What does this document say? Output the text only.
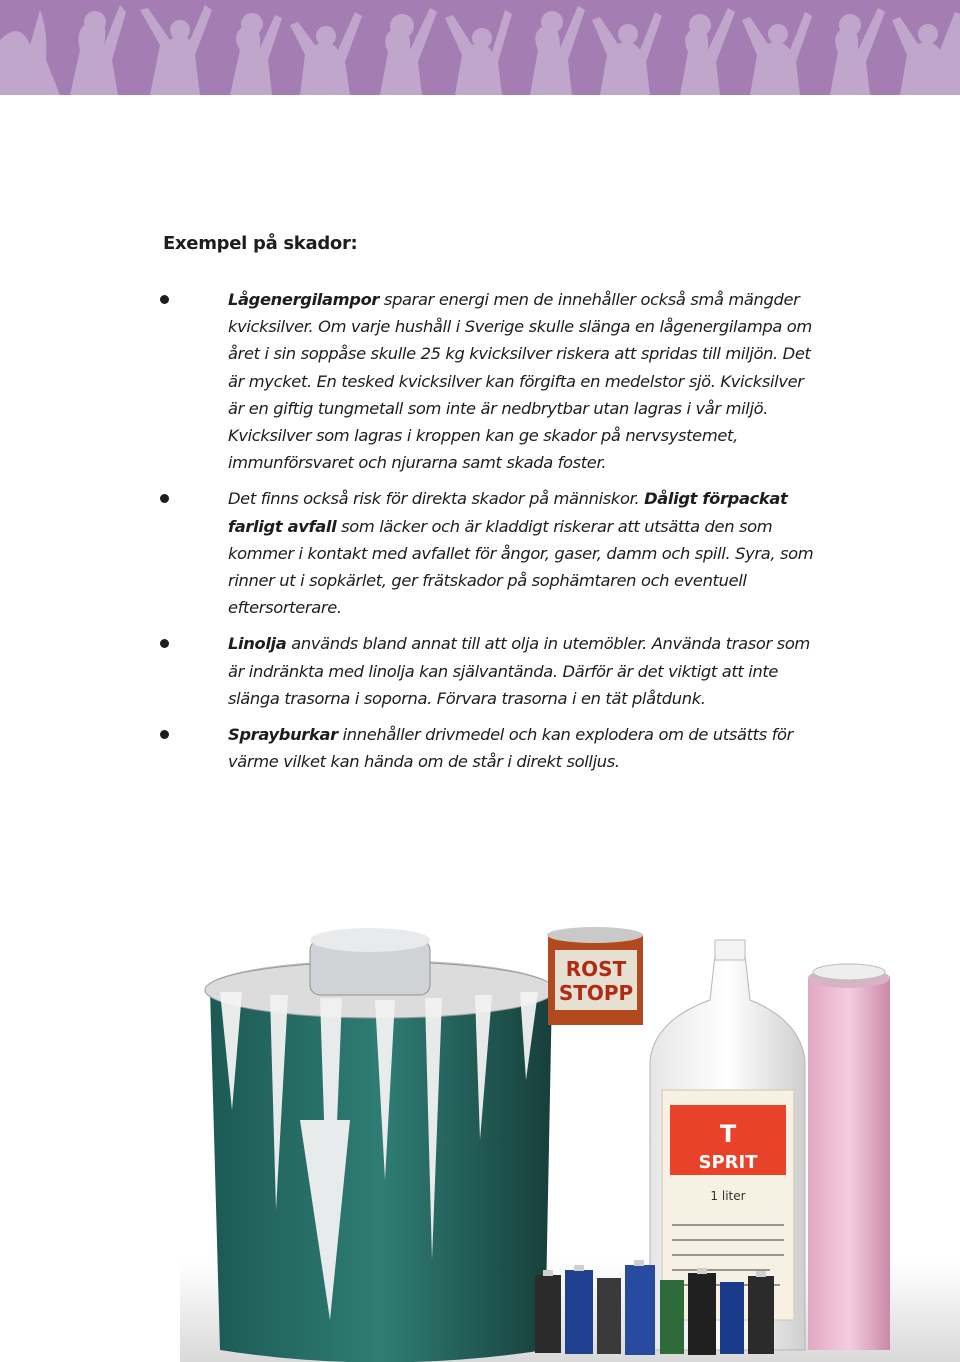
Exempel på skador:
Lågenergilampor sparar energi men de innehåller också små mängder kvicksilver. Om varje hushåll i Sverige skulle slänga en lågenergilampa om året i sin soppåse skulle 25 kg kvicksilver riskera att spridas till miljön. Det är mycket. En tesked kvicksilver kan förgifta en medelstor sjö. Kvicksilver är en giftig tungmetall som inte är nedbrytbar utan lagras i vår miljö. Kvicksilver som lagras i kroppen kan ge skador på nervsystemet, immunförsvaret och njurarna samt skada foster.
Det finns också risk för direkta skador på människor. Dåligt förpackat farligt avfall som läcker och är kladdigt riskerar att utsätta den som kommer i kontakt med avfallet för ångor, gaser, damm och spill. Syra, som rinner ut i sopkärlet, ger frätskador på sophämtaren och eventuell eftersorterare.
Linolja används bland annat till att olja in utemöbler. Använda trasor som är indränkta med linolja kan självantända. Därför är det viktigt att inte slänga trasorna i soporna. Förvara trasorna i en tät plåtdunk.
Sprayburkar innehåller drivmedel och kan explodera om de utsätts för värme vilket kan hända om de står i direkt solljus.
ROST
STOPP
T
SPRIT
1 liter
